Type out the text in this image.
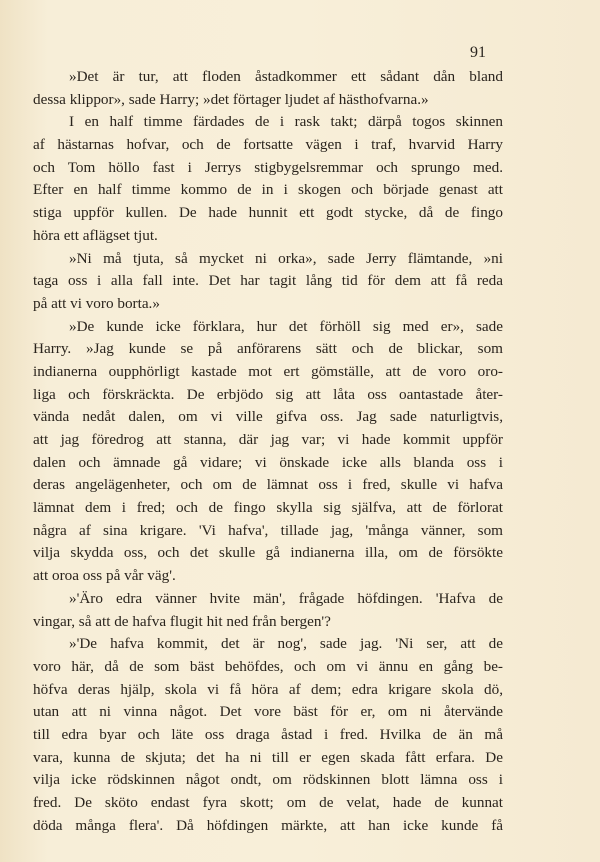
91
»Det är tur, att floden åstadkommer ett sådant dån bland
dessa klippor», sade Harry; »det förtager ljudet af hästhofvarna.»
I en half timme färdades de i rask takt; därpå togos skinnen
af hästarnas hofvar, och de fortsatte vägen i traf, hvarvid Harry
och Tom höllo fast i Jerrys stigbygelsremmar och sprungo med.
Efter en half timme kommo de in i skogen och började genast att
stiga uppför kullen. De hade hunnit ett godt stycke, då de fingo
höra ett aflägset tjut.
»Ni må tjuta, så mycket ni orka», sade Jerry flämtande, »ni
taga oss i alla fall inte. Det har tagit lång tid för dem att få reda
på att vi voro borta.»
»De kunde icke förklara, hur det förhöll sig med er», sade
Harry. »Jag kunde se på anförarens sätt och de blickar, som
indianerna oupphörligt kastade mot ert gömställe, att de voro oro-
liga och förskräckta. De erbjödo sig att låta oss oantastade åter-
vända nedåt dalen, om vi ville gifva oss. Jag sade naturligtvis,
att jag föredrog att stanna, där jag var; vi hade kommit uppför
dalen och ämnade gå vidare; vi önskade icke alls blanda oss i
deras angelägenheter, och om de lämnat oss i fred, skulle vi hafva
lämnat dem i fred; och de fingo skylla sig själfva, att de förlorat
några af sina krigare. 'Vi hafva', tillade jag, 'många vänner, som
vilja skydda oss, och det skulle gå indianerna illa, om de försökte
att oroa oss på vår väg'.
»'Äro edra vänner hvite män', frågade höfdingen. 'Hafva de
vingar, så att de hafva flugit hit ned från bergen'?
»'De hafva kommit, det är nog', sade jag. 'Ni ser, att de
voro här, då de som bäst behöfdes, och om vi ännu en gång be-
höfva deras hjälp, skola vi få höra af dem; edra krigare skola dö,
utan att ni vinna något. Det vore bäst för er, om ni återvände
till edra byar och läte oss draga åstad i fred. Hvilka de än må
vara, kunna de skjuta; det ha ni till er egen skada fått erfara. De
vilja icke rödskinnen något ondt, om rödskinnen blott lämna oss i
fred. De sköto endast fyra skott; om de velat, hade de kunnat
döda många flera'. Då höfdingen märkte, att han icke kunde få
